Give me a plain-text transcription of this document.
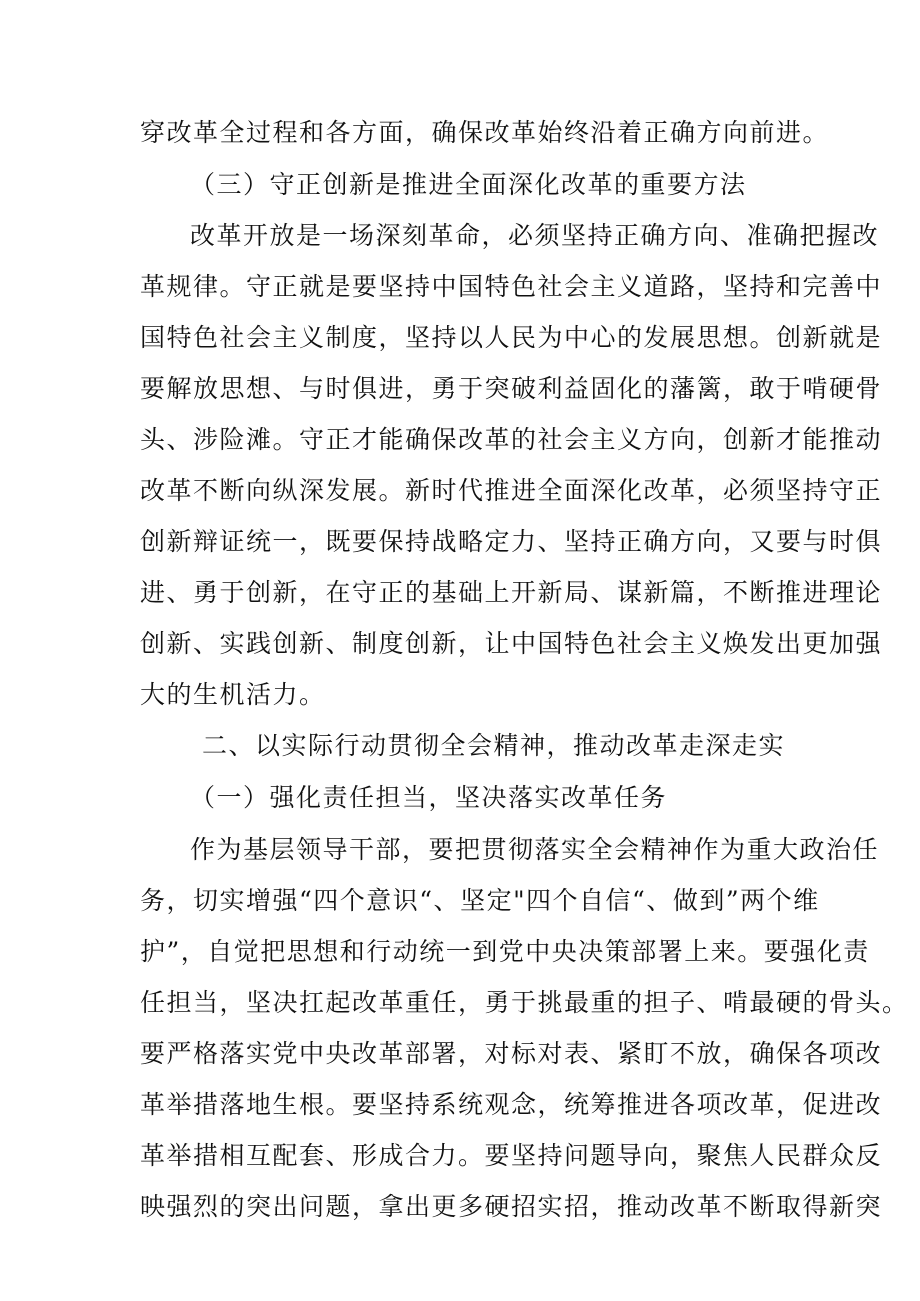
穿改革全过程和各方面，确保改革始终沿着正确方向前进。
（三）守正创新是推进全面深化改革的重要方法
改革开放是一场深刻革命，必须坚持正确方向、准确把握改
革规律。守正就是要坚持中国特色社会主义道路，坚持和完善中
国特色社会主义制度，坚持以人民为中心的发展思想。创新就是
要解放思想、与时俱进，勇于突破利益固化的藩篱，敢于啃硬骨
头、涉险滩。守正才能确保改革的社会主义方向，创新才能推动
改革不断向纵深发展。新时代推进全面深化改革，必须坚持守正
创新辩证统一，既要保持战略定力、坚持正确方向，又要与时俱
进、勇于创新，在守正的基础上开新局、谋新篇，不断推进理论
创新、实践创新、制度创新，让中国特色社会主义焕发出更加强
大的生机活力。
二、以实际行动贯彻全会精神，推动改革走深走实
（一）强化责任担当，坚决落实改革任务
作为基层领导干部，要把贯彻落实全会精神作为重大政治任
务，切实增强“四个意识“、坚定"四个自信“、做到”两个维
护”，自觉把思想和行动统一到党中央决策部署上来。要强化责
任担当，坚决扛起改革重任，勇于挑最重的担子、啃最硬的骨头。
要严格落实党中央改革部署，对标对表、紧盯不放，确保各项改
革举措落地生根。要坚持系统观念，统筹推进各项改革，促进改
革举措相互配套、形成合力。要坚持问题导向，聚焦人民群众反
映强烈的突出问题，拿出更多硬招实招，推动改革不断取得新突
